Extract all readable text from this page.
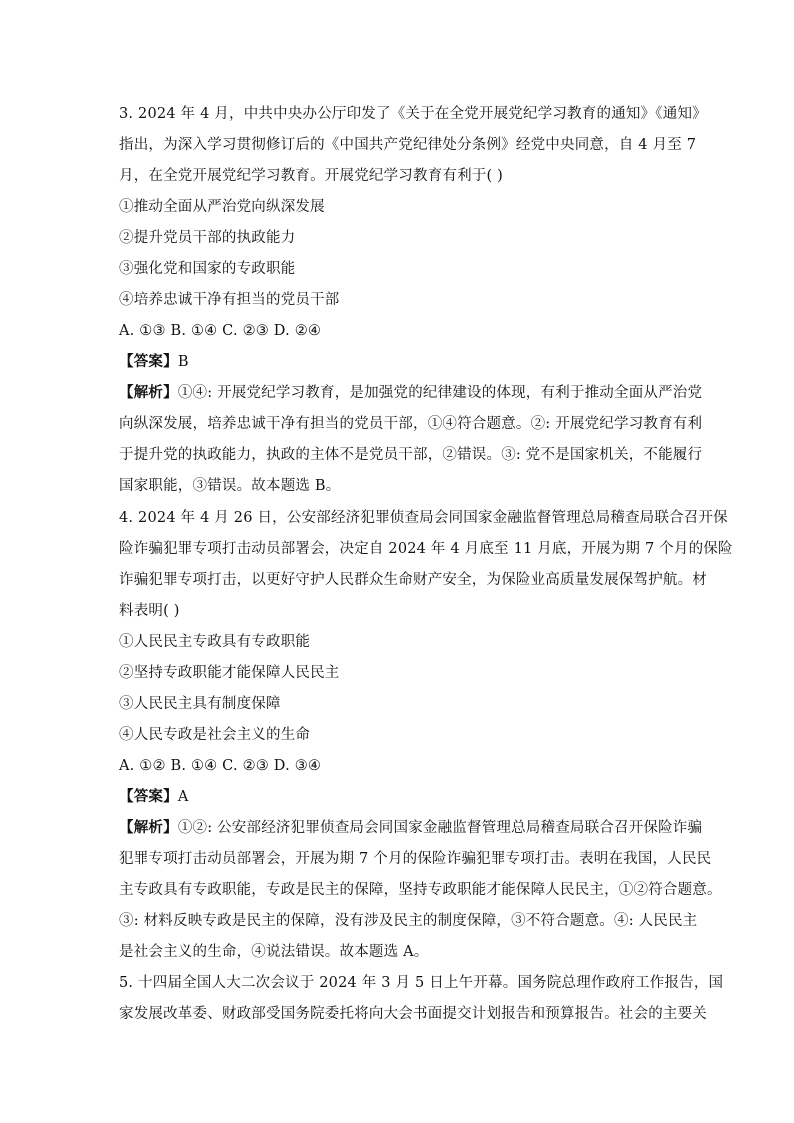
3. 2024 年 4 月，中共中央办公厅印发了《关于在全党开展党纪学习教育的通知》《通知》
指出，为深入学习贯彻修订后的《中国共产党纪律处分条例》经党中央同意，自 4 月至 7
月，在全党开展党纪学习教育。开展党纪学习教育有利于( )
①推动全面从严治党向纵深发展
②提升党员干部的执政能力
③强化党和国家的专政职能
④培养忠诚干净有担当的党员干部
A. ①③ B. ①④ C. ②③ D. ②④
【答案】B
【解析】①④: 开展党纪学习教育，是加强党的纪律建设的体现，有利于推动全面从严治党
向纵深发展，培养忠诚干净有担当的党员干部，①④符合题意。②: 开展党纪学习教育有利
于提升党的执政能力，执政的主体不是党员干部，②错误。③: 党不是国家机关，不能履行
国家职能，③错误。故本题选 B。
4. 2024 年 4 月 26 日，公安部经济犯罪侦查局会同国家金融监督管理总局稽查局联合召开保
险诈骗犯罪专项打击动员部署会，决定自 2024 年 4 月底至 11 月底，开展为期 7 个月的保险
诈骗犯罪专项打击，以更好守护人民群众生命财产安全，为保险业高质量发展保驾护航。材
料表明( )
①人民民主专政具有专政职能
②坚持专政职能才能保障人民民主
③人民民主具有制度保障
④人民专政是社会主义的生命
A. ①② B. ①④ C. ②③ D. ③④
【答案】A
【解析】①②: 公安部经济犯罪侦查局会同国家金融监督管理总局稽查局联合召开保险诈骗
犯罪专项打击动员部署会，开展为期 7 个月的保险诈骗犯罪专项打击。表明在我国，人民民
主专政具有专政职能，专政是民主的保障，坚持专政职能才能保障人民民主，①②符合题意。
③: 材料反映专政是民主的保障，没有涉及民主的制度保障，③不符合题意。④: 人民民主
是社会主义的生命，④说法错误。故本题选 A。
5. 十四届全国人大二次会议于 2024 年 3 月 5 日上午开幕。国务院总理作政府工作报告，国
家发展改革委、财政部受国务院委托将向大会书面提交计划报告和预算报告。社会的主要关
